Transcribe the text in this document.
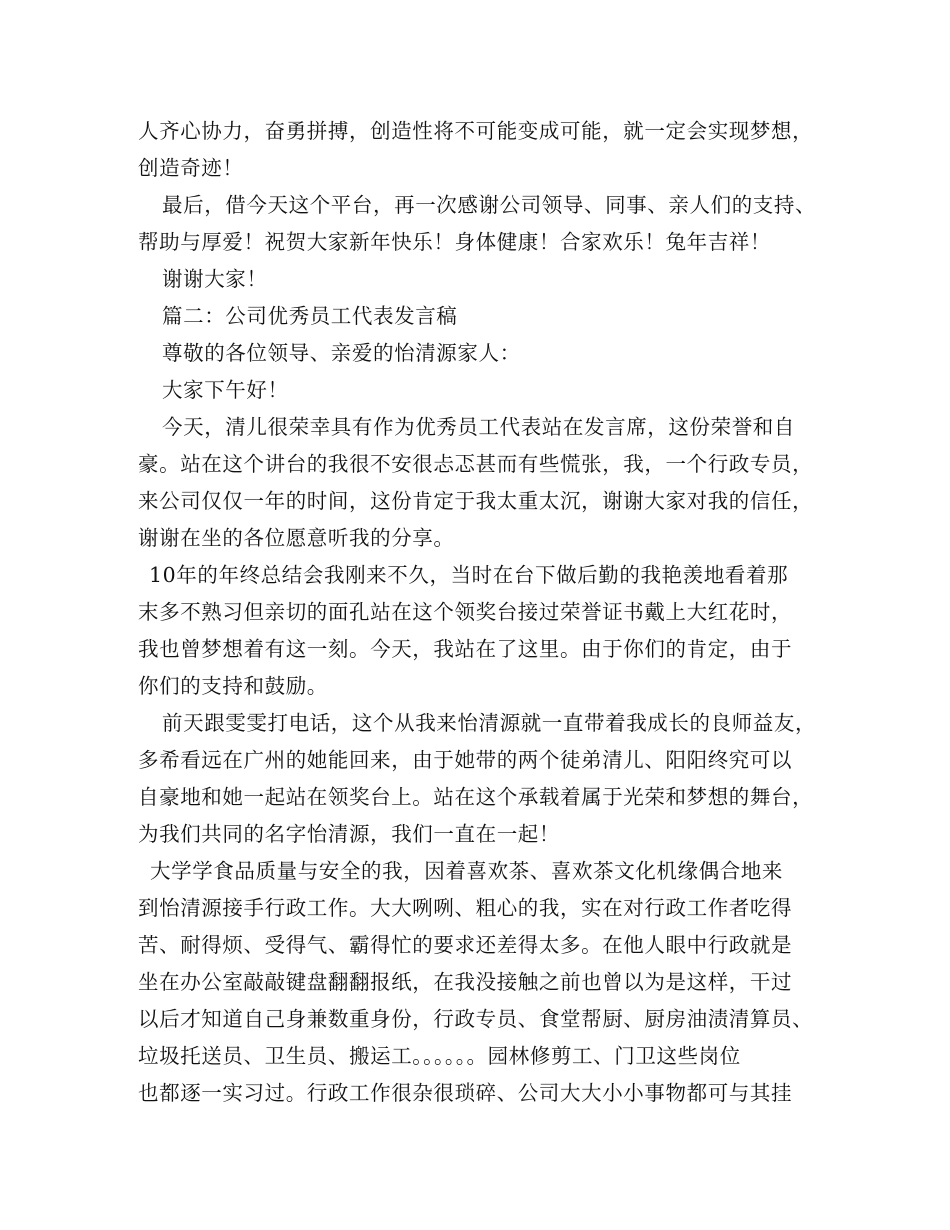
人齐心协力，奋勇拼搏，创造性将不可能变成可能，就一定会实现梦想，
创造奇迹！
最后，借今天这个平台，再一次感谢公司领导、同事、亲人们的支持、
帮助与厚爱！祝贺大家新年快乐！身体健康！合家欢乐！兔年吉祥！
谢谢大家！
篇二：公司优秀员工代表发言稿
尊敬的各位领导、亲爱的怡清源家人：
大家下午好！
今天，清儿很荣幸具有作为优秀员工代表站在发言席，这份荣誉和自
豪。站在这个讲台的我很不安很忐忑甚而有些慌张，我，一个行政专员，
来公司仅仅一年的时间，这份肯定于我太重太沉，谢谢大家对我的信任，
谢谢在坐的各位愿意听我的分享。
10年的年终总结会我刚来不久，当时在台下做后勤的我艳羡地看着那
末多不熟习但亲切的面孔站在这个领奖台接过荣誉证书戴上大红花时，
我也曾梦想着有这一刻。今天，我站在了这里。由于你们的肯定，由于
你们的支持和鼓励。
前天跟雯雯打电话，这个从我来怡清源就一直带着我成长的良师益友，
多希看远在广州的她能回来，由于她带的两个徒弟清儿、阳阳终究可以
自豪地和她一起站在领奖台上。站在这个承载着属于光荣和梦想的舞台，
为我们共同的名字怡清源，我们一直在一起！
大学学食品质量与安全的我，因着喜欢茶、喜欢茶文化机缘偶合地来
到怡清源接手行政工作。大大咧咧、粗心的我，实在对行政工作者吃得
苦、耐得烦、受得气、霸得忙的要求还差得太多。在他人眼中行政就是
坐在办公室敲敲键盘翻翻报纸，在我没接触之前也曾以为是这样，干过
以后才知道自己身兼数重身份，行政专员、食堂帮厨、厨房油渍清算员、
垃圾托送员、卫生员、搬运工。。。。。。园林修剪工、门卫这些岗位
也都逐一实习过。行政工作很杂很琐碎、公司大大小小事物都可与其挂
